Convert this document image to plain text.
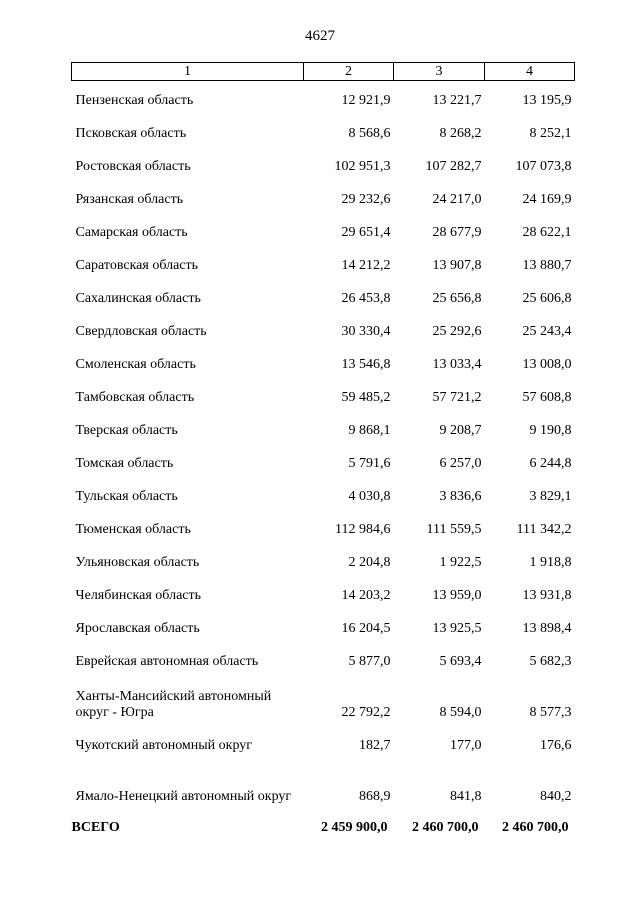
4627
1	2	3	4
Пензенская область	12 921,9	13 221,7	13 195,9
Псковская область	8 568,6	8 268,2	8 252,1
Ростовская область	102 951,3	107 282,7	107 073,8
Рязанская область	29 232,6	24 217,0	24 169,9
Самарская область	29 651,4	28 677,9	28 622,1
Саратовская область	14 212,2	13 907,8	13 880,7
Сахалинская область	26 453,8	25 656,8	25 606,8
Свердловская область	30 330,4	25 292,6	25 243,4
Смоленская область	13 546,8	13 033,4	13 008,0
Тамбовская область	59 485,2	57 721,2	57 608,8
Тверская область	9 868,1	9 208,7	9 190,8
Томская область	5 791,6	6 257,0	6 244,8
Тульская область	4 030,8	3 836,6	3 829,1
Тюменская область	112 984,6	111 559,5	111 342,2
Ульяновская область	2 204,8	1 922,5	1 918,8
Челябинская область	14 203,2	13 959,0	13 931,8
Ярославская область	16 204,5	13 925,5	13 898,4
Еврейская автономная область	5 877,0	5 693,4	5 682,3
Ханты-Мансийский автономный округ - Югра	22 792,2	8 594,0	8 577,3
Чукотский автономный округ	182,7	177,0	176,6
Ямало-Ненецкий автономный округ	868,9	841,8	840,2
ВСЕГО	2 459 900,0	2 460 700,0	2 460 700,0
